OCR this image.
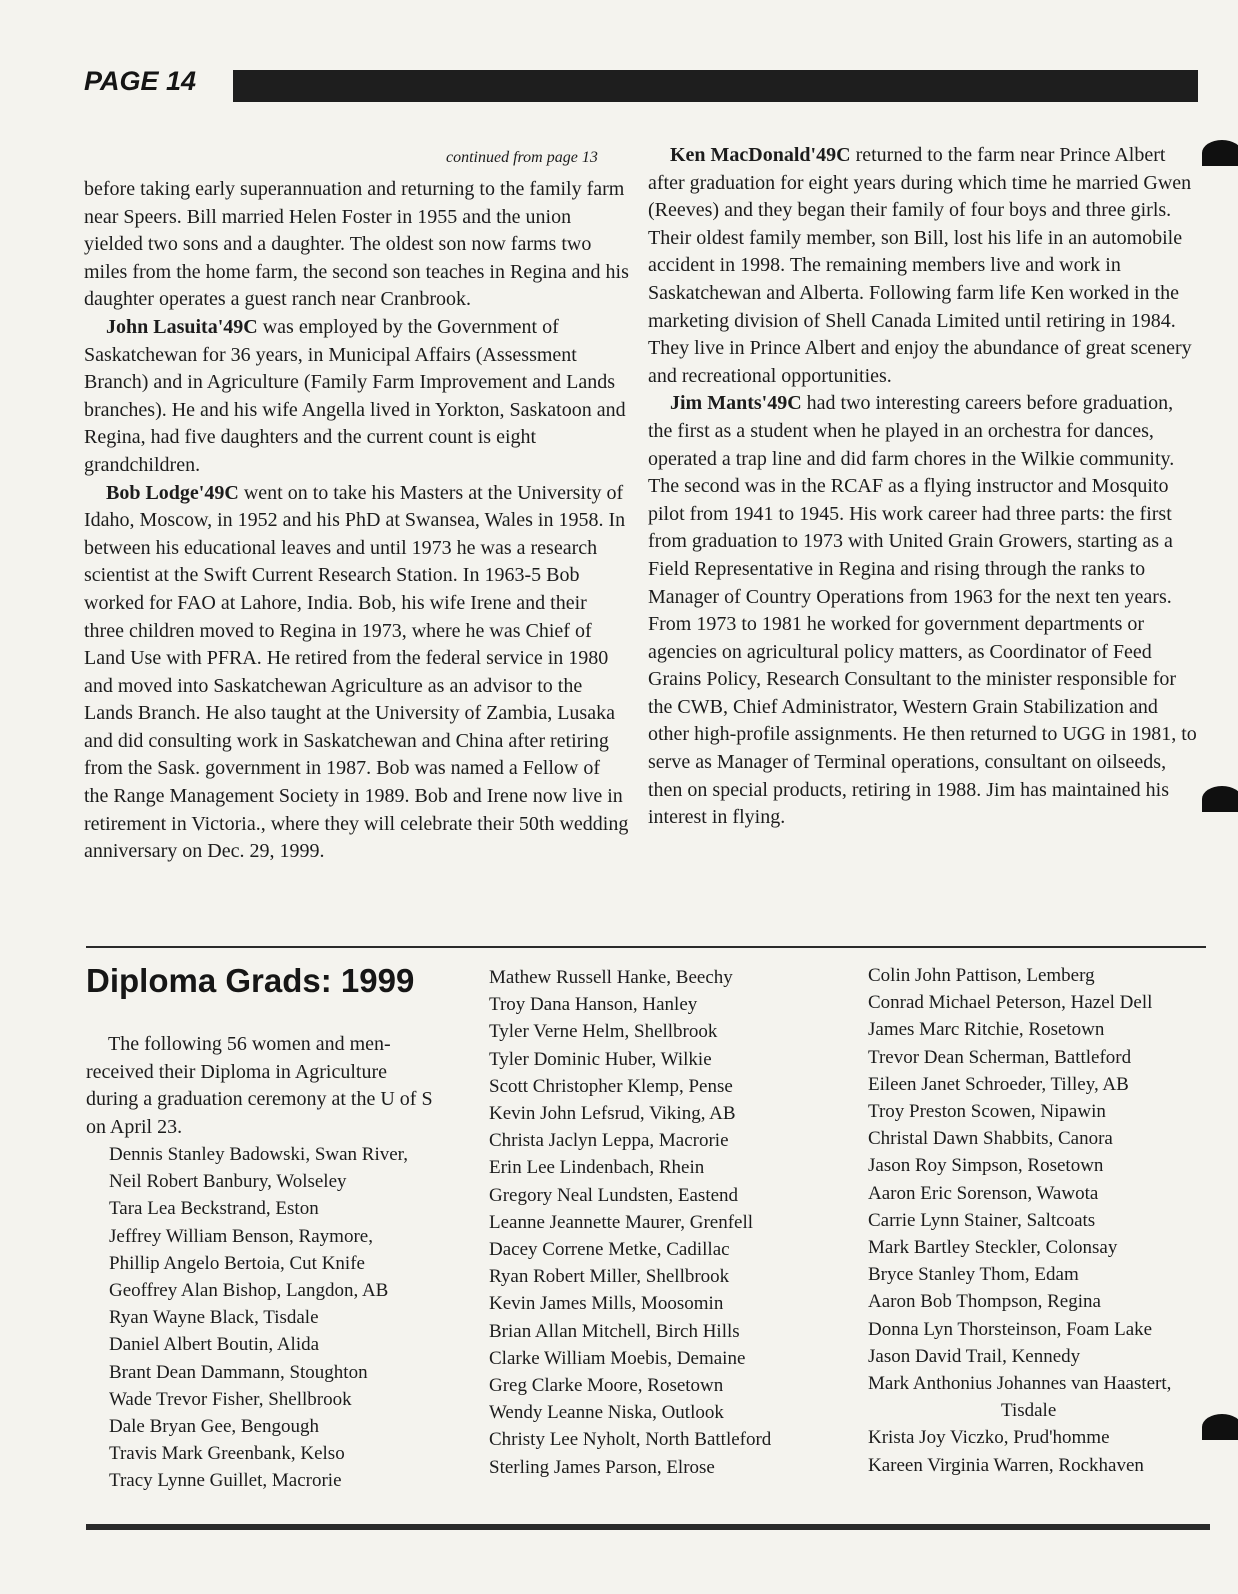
PAGE 14
continued from page 13

before taking early superannuation and returning to the family farm near Speers. Bill married Helen Foster in 1955 and the union yielded two sons and a daughter. The oldest son now farms two miles from the home farm, the second son teaches in Regina and his daughter operates a guest ranch near Cranbrook.

John Lasuita'49C was employed by the Government of Saskatchewan for 36 years, in Municipal Affairs (Assessment Branch) and in Agriculture (Family Farm Improvement and Lands branches). He and his wife Angella lived in Yorkton, Saskatoon and Regina, had five daughters and the current count is eight grandchildren.

Bob Lodge'49C went on to take his Masters at the University of Idaho, Moscow, in 1952 and his PhD at Swansea, Wales in 1958. In between his educational leaves and until 1973 he was a research scientist at the Swift Current Research Station. In 1963-5 Bob worked for FAO at Lahore, India. Bob, his wife Irene and their three children moved to Regina in 1973, where he was Chief of Land Use with PFRA. He retired from the federal service in 1980 and moved into Saskatchewan Agriculture as an advisor to the Lands Branch. He also taught at the University of Zambia, Lusaka and did consulting work in Saskatchewan and China after retiring from the Sask. government in 1987. Bob was named a Fellow of the Range Management Society in 1989. Bob and Irene now live in retirement in Victoria., where they will celebrate their 50th wedding anniversary on Dec. 29, 1999.

Ken MacDonald'49C returned to the farm near Prince Albert after graduation for eight years during which time he married Gwen (Reeves) and they began their family of four boys and three girls. Their oldest family member, son Bill, lost his life in an automobile accident in 1998. The remaining members live and work in Saskatchewan and Alberta. Following farm life Ken worked in the marketing division of Shell Canada Limited until retiring in 1984. They live in Prince Albert and enjoy the abundance of great scenery and recreational opportunities.

Jim Mants'49C had two interesting careers before graduation, the first as a student when he played in an orchestra for dances, operated a trap line and did farm chores in the Wilkie community. The second was in the RCAF as a flying instructor and Mosquito pilot from 1941 to 1945. His work career had three parts: the first from graduation to 1973 with United Grain Growers, starting as a Field Representative in Regina and rising through the ranks to Manager of Country Operations from 1963 for the next ten years. From 1973 to 1981 he worked for government departments or agencies on agricultural policy matters, as Coordinator of Feed Grains Policy, Research Consultant to the minister responsible for the CWB, Chief Administrator, Western Grain Stabilization and other high-profile assignments. He then returned to UGG in 1981, to serve as Manager of Terminal operations, consultant on oilseeds, then on special products, retiring in 1988. Jim has maintained his interest in flying.

Diploma Grads: 1999

The following 56 women and men-received their Diploma in Agriculture during a graduation ceremony at the U of S on April 23.

Dennis Stanley Badowski, Swan River,
Neil Robert Banbury, Wolseley
Tara Lea Beckstrand, Eston
Jeffrey William Benson, Raymore,
Phillip Angelo Bertoia, Cut Knife
Geoffrey Alan Bishop, Langdon, AB
Ryan Wayne Black, Tisdale
Daniel Albert Boutin, Alida
Brant Dean Dammann, Stoughton
Wade Trevor Fisher, Shellbrook
Dale Bryan Gee, Bengough
Travis Mark Greenbank, Kelso
Tracy Lynne Guillet, Macrorie
Mathew Russell Hanke, Beechy
Troy Dana Hanson, Hanley
Tyler Verne Helm, Shellbrook
Tyler Dominic Huber, Wilkie
Scott Christopher Klemp, Pense
Kevin John Lefsrud, Viking, AB
Christa Jaclyn Leppa, Macrorie
Erin Lee Lindenbach, Rhein
Gregory Neal Lundsten, Eastend
Leanne Jeannette Maurer, Grenfell
Dacey Correne Metke, Cadillac
Ryan Robert Miller, Shellbrook
Kevin James Mills, Moosomin
Brian Allan Mitchell, Birch Hills
Clarke William Moebis, Demaine
Greg Clarke Moore, Rosetown
Wendy Leanne Niska, Outlook
Christy Lee Nyholt, North Battleford
Sterling James Parson, Elrose
Colin John Pattison, Lemberg
Conrad Michael Peterson, Hazel Dell
James Marc Ritchie, Rosetown
Trevor Dean Scherman, Battleford
Eileen Janet Schroeder, Tilley, AB
Troy Preston Scowen, Nipawin
Christal Dawn Shabbits, Canora
Jason Roy Simpson, Rosetown
Aaron Eric Sorenson, Wawota
Carrie Lynn Stainer, Saltcoats
Mark Bartley Steckler, Colonsay
Bryce Stanley Thom, Edam
Aaron Bob Thompson, Regina
Donna Lyn Thorsteinson, Foam Lake
Jason David Trail, Kennedy
Mark Anthonius Johannes van Haastert,
Tisdale
Krista Joy Viczko, Prud'homme
Kareen Virginia Warren, Rockhaven
